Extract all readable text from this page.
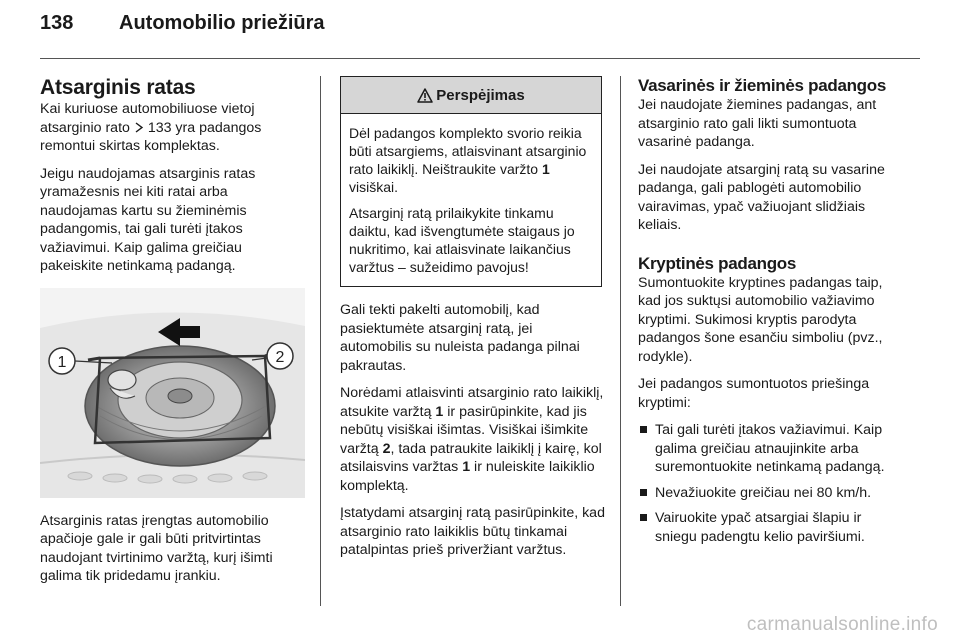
138 Automobilio priežiūra
Atsarginis ratas

Kai kuriuose automobiliuose vietoj atsarginio rato  133 yra padangos remontui skirtas komplektas.

Jeigu naudojamas atsarginis ratas yramažesnis nei kiti ratai arba naudojamas kartu su žieminėmis padangomis, tai gali turėti įtakos važiavimui. Kaip galima greičiau pakeiskite netinkamą padangą.

1	2

Atsarginis ratas įrengtas automobilio apačioje gale ir gali būti pritvirtintas naudojant tvirtinimo varžtą, kurį išimti galima tik pridedamu įrankiu.

Perspėjimas

Dėl padangos komplekto svorio reikia būti atsargiems, atlaisvinant atsarginio rato laikiklį. Neištraukite varžto 1 visiškai.

Atsarginį ratą prilaikykite tinkamu daiktu, kad išvengtumėte staigaus jo nukritimo, kai atlaisvinate laikančius varžtus – sužeidimo pavojus!

Gali tekti pakelti automobilį, kad pasiektumėte atsarginį ratą, jei automobilis su nuleista padanga pilnai pakrautas.

Norėdami atlaisvinti atsarginio rato laikiklį, atsukite varžtą 1 ir pasirūpinkite, kad jis nebūtų visiškai išimtas. Visiškai išimkite varžtą 2, tada patraukite laikiklį į kairę, kol atsilaisvins varžtas 1 ir nuleiskite laikiklio komplektą.

Įstatydami atsarginį ratą pasirūpinkite, kad atsarginio rato laikiklis būtų tinkamai patalpintas prieš priveržiant varžtus.

Vasarinės ir žieminės padangos

Jei naudojate žiemines padangas, ant atsarginio rato gali likti sumontuota vasarinė padanga.

Jei naudojate atsarginį ratą su vasarine padanga, gali pablogėti automobilio vairavimas, ypač važiuojant slidžiais keliais.

Kryptinės padangos

Sumontuokite kryptines padangas taip, kad jos suktųsi automobilio važiavimo kryptimi. Sukimosi kryptis parodyta padangos šone esančiu simboliu (pvz., rodykle).

Jei padangos sumontuotos priešinga kryptimi:

Tai gali turėti įtakos važiavimui. Kaip galima greičiau atnaujinkite arba suremontuokite netinkamą padangą.
Nevažiuokite greičiau nei 80 km/h.
Vairuokite ypač atsargiai šlapiu ir sniegu padengtu kelio paviršiumi.
carmanualsonline.info
